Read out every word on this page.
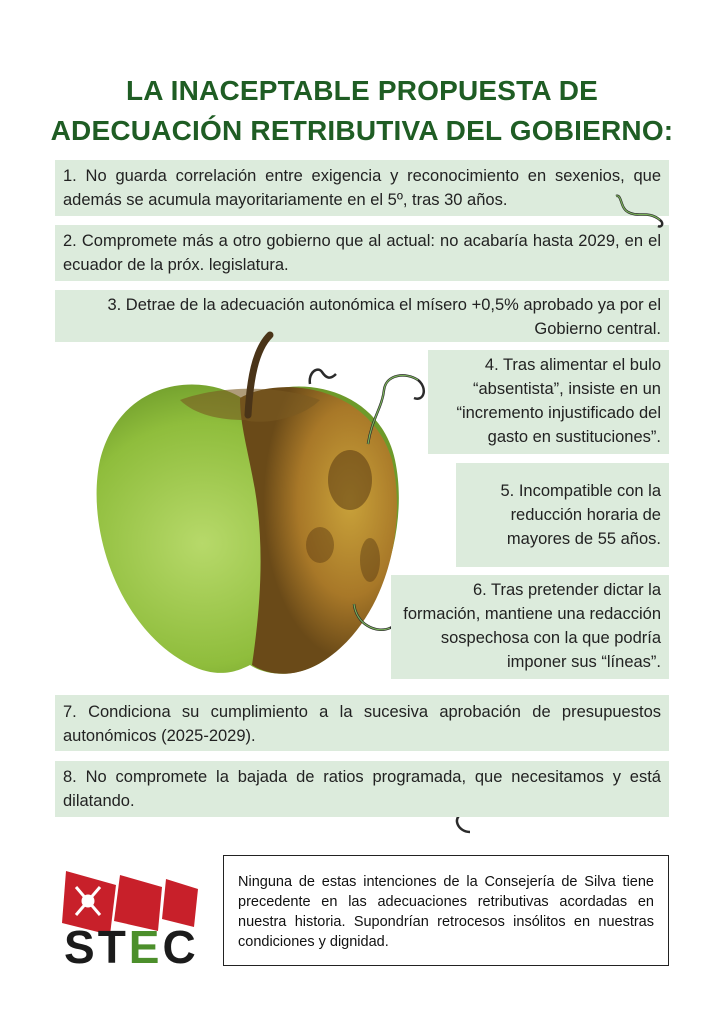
LA INACEPTABLE PROPUESTA DE
ADECUACIÓN RETRIBUTIVA DEL GOBIERNO:
1. No guarda correlación entre exigencia y reconocimiento en sexenios, que además se acumula mayoritariamente en el 5º, tras 30 años.
2. Compromete más a otro gobierno que al actual: no acabaría hasta 2029, en el ecuador de la próx. legislatura.
3. Detrae de la adecuación autonómica el mísero +0,5% aprobado ya por el Gobierno central.
4. Tras alimentar el bulo “absentista”, insiste en un “incremento injustificado del gasto en sustituciones”.
5. Incompatible con la reducción horaria de mayores de 55 años.
6. Tras pretender dictar la formación, mantiene una redacción sospechosa con la que podría imponer sus “líneas”.
7. Condiciona su cumplimiento a la sucesiva aprobación de presupuestos autonómicos (2025-2029).
8. No compromete la bajada de ratios programada, que necesitamos y está dilatando.
STEC
Ninguna de estas intenciones de la Consejería de Silva tiene precedente en las adecuaciones retributivas acordadas en nuestra historia. Supondrían retrocesos insólitos en nuestras condiciones y dignidad.
